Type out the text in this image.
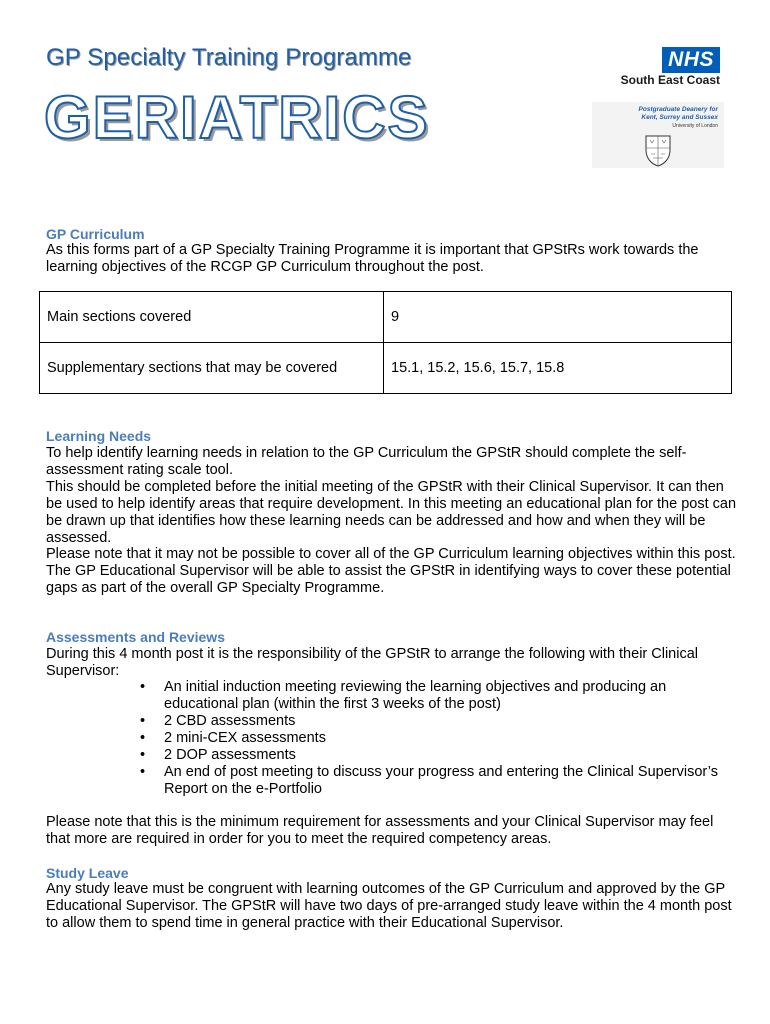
GP Specialty Training Programme
GERIATRICS
NHS
South East Coast
Postgraduate Deanery for
Kent, Surrey and Sussex
University of London
GP Curriculum

As this forms part of a GP Specialty Training Programme it is important that GPStRs work towards the learning objectives of the RCGP GP Curriculum throughout the post.

Main sections covered	9
Supplementary sections that may be covered	15.1, 15.2, 15.6, 15.7, 15.8
Learning Needs

To help identify learning needs in relation to the GP Curriculum the GPStR should complete the self-assessment rating scale tool.

This should be completed before the initial meeting of the GPStR with their Clinical Supervisor. It can then be used to help identify areas that require development. In this meeting an educational plan for the post can be drawn up that identifies how these learning needs can be addressed and how and when they will be assessed.

Please note that it may not be possible to cover all of the GP Curriculum learning objectives within this post. The GP Educational Supervisor will be able to assist the GPStR in identifying ways to cover these potential gaps as part of the overall GP Specialty Programme.

Assessments and Reviews

During this 4 month post it is the responsibility of the GPStR to arrange the following with their Clinical Supervisor:

• An initial induction meeting reviewing the learning objectives and producing an educational plan (within the first 3 weeks of the post)
• 2 CBD assessments
• 2 mini-CEX assessments
• 2 DOP assessments
• An end of post meeting to discuss your progress and entering the Clinical Supervisor’s Report on the e-Portfolio

Please note that this is the minimum requirement for assessments and your Clinical Supervisor may feel that more are required in order for you to meet the required competency areas.

Study Leave

Any study leave must be congruent with learning outcomes of the GP Curriculum and approved by the GP Educational Supervisor. The GPStR will have two days of pre-arranged study leave within the 4 month post to allow them to spend time in general practice with their Educational Supervisor.
